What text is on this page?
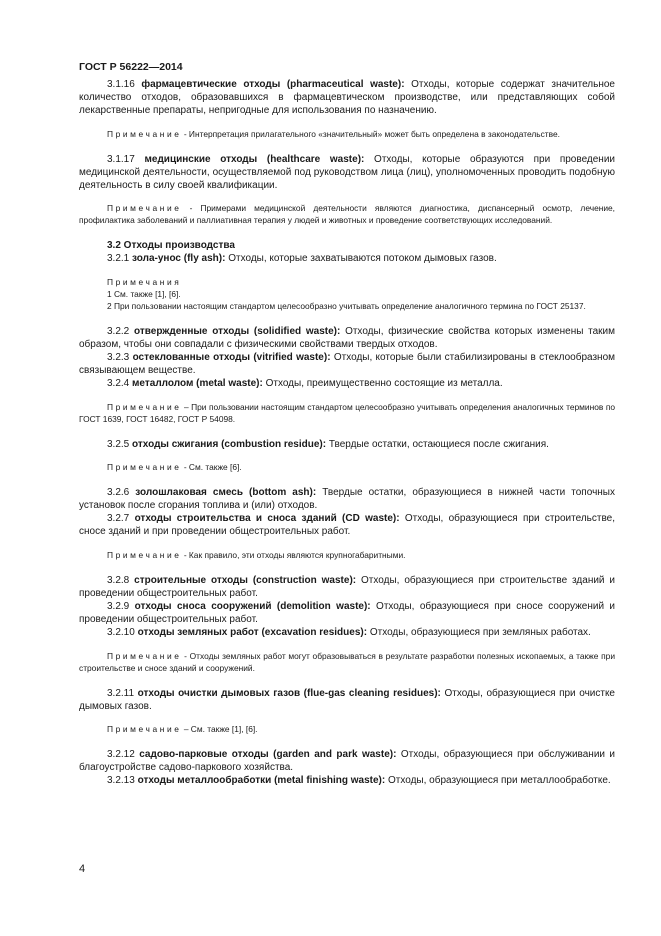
ГОСТ Р 56222—2014

3.1.16 фармацевтические отходы (pharmaceutical waste): Отходы, которые содержат значительное количество отходов, образовавшихся в фармацевтическом производстве, или представляющих собой лекарственные препараты, непригодные для использования по назначению.

Примечание - Интерпретация прилагательного «значительный» может быть определена в законодательстве.

3.1.17 медицинские отходы (healthcare waste): Отходы, которые образуются при проведении медицинской деятельности, осуществляемой под руководством лица (лиц), уполномоченных проводить подобную деятельность в силу своей квалификации.

Примечание - Примерами медицинской деятельности являются диагностика, диспансерный осмотр, лечение, профилактика заболеваний и паллиативная терапия у людей и животных и проведение соответствующих исследований.

3.2 Отходы производства

3.2.1 зола-унос (fly ash): Отходы, которые захватываются потоком дымовых газов.

Примечания

1 См. также [1], [6].

2 При пользовании настоящим стандартом целесообразно учитывать определение аналогичного термина по ГОСТ 25137.

3.2.2 отвержденные отходы (solidified waste): Отходы, физические свойства которых изменены таким образом, чтобы они совпадали с физическими свойствами твердых отходов.

3.2.3 остеклованные отходы (vitrified waste): Отходы, которые были стабилизированы в стеклообразном связывающем веществе.

3.2.4 металлолом (metal waste): Отходы, преимущественно состоящие из металла.

Примечание – При пользовании настоящим стандартом целесообразно учитывать определения аналогичных терминов по ГОСТ 1639, ГОСТ 16482, ГОСТ Р 54098.

3.2.5 отходы сжигания (combustion residue): Твердые остатки, остающиеся после сжигания.

Примечание - См. также [6].

3.2.6 золошлаковая смесь (bottom ash): Твердые остатки, образующиеся в нижней части топочных установок после сгорания топлива и (или) отходов.

3.2.7 отходы строительства и сноса зданий (CD waste): Отходы, образующиеся при строительстве, сносе зданий и при проведении общестроительных работ.

Примечание - Как правило, эти отходы являются крупногабаритными.

3.2.8 строительные отходы (construction waste): Отходы, образующиеся при строительстве зданий и проведении общестроительных работ.

3.2.9 отходы сноса сооружений (demolition waste): Отходы, образующиеся при сносе сооружений и проведении общестроительных работ.

3.2.10 отходы земляных работ (excavation residues): Отходы, образующиеся при земляных работах.

Примечание - Отходы земляных работ могут образовываться в результате разработки полезных ископаемых, а также при строительстве и сносе зданий и сооружений.

3.2.11 отходы очистки дымовых газов (flue-gas cleaning residues): Отходы, образующиеся при очистке дымовых газов.

Примечание – См. также [1], [6].

3.2.12 садово-парковые отходы (garden and park waste): Отходы, образующиеся при обслуживании и благоустройстве садово-паркового хозяйства.

3.2.13 отходы металлообработки (metal finishing waste): Отходы, образующиеся при металлообработке.

4
